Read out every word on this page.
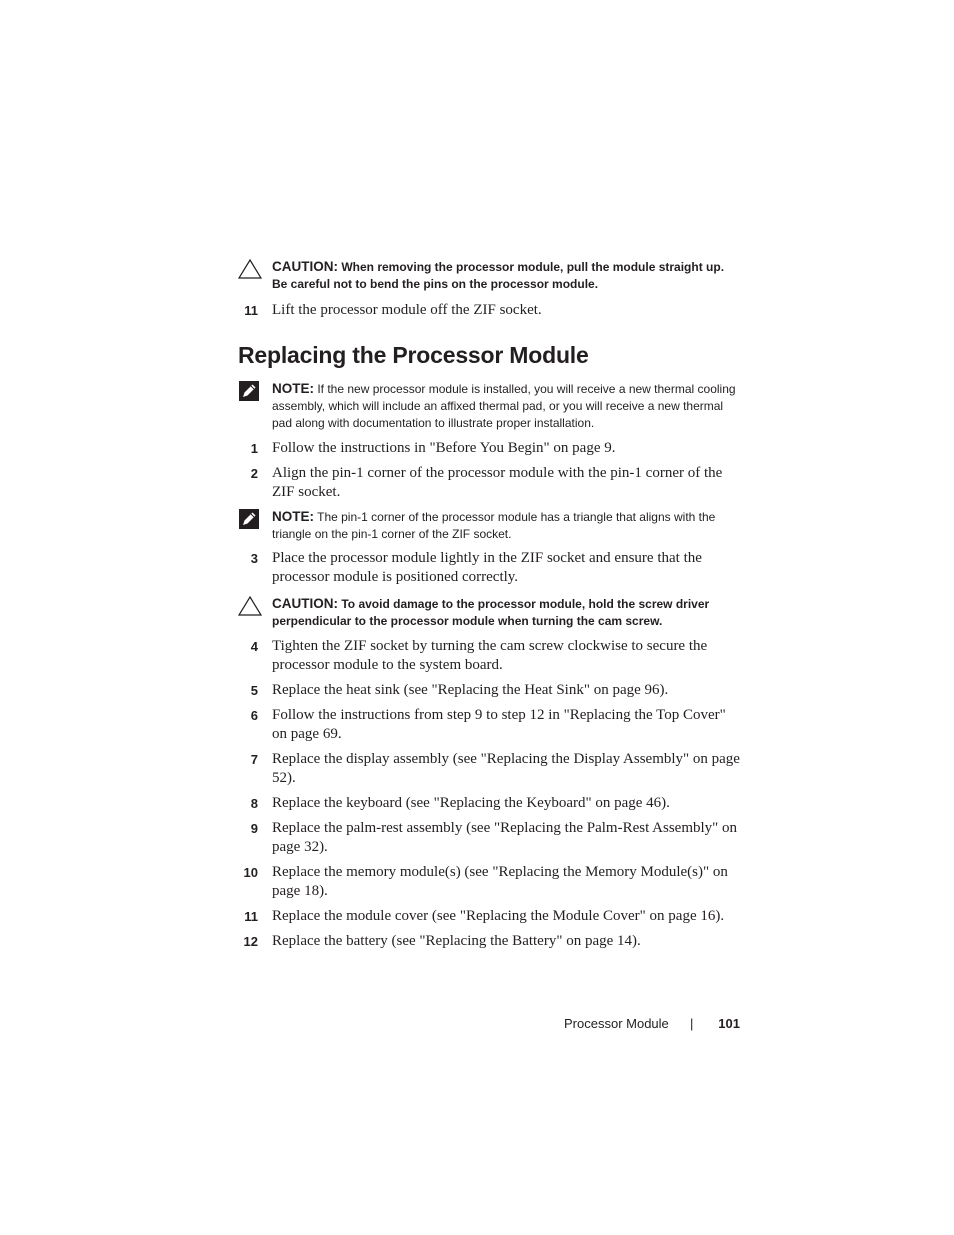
CAUTION: When removing the processor module, pull the module straight up. Be careful not to bend the pins on the processor module.
11 Lift the processor module off the ZIF socket.
Replacing the Processor Module
NOTE: If the new processor module is installed, you will receive a new thermal cooling assembly, which will include an affixed thermal pad, or you will receive a new thermal pad along with documentation to illustrate proper installation.
1 Follow the instructions in "Before You Begin" on page 9.
2 Align the pin-1 corner of the processor module with the pin-1 corner of the ZIF socket.
NOTE: The pin-1 corner of the processor module has a triangle that aligns with the triangle on the pin-1 corner of the ZIF socket.
3 Place the processor module lightly in the ZIF socket and ensure that the processor module is positioned correctly.
CAUTION: To avoid damage to the processor module, hold the screw driver perpendicular to the processor module when turning the cam screw.
4 Tighten the ZIF socket by turning the cam screw clockwise to secure the processor module to the system board.
5 Replace the heat sink (see "Replacing the Heat Sink" on page 96).
6 Follow the instructions from step 9 to step 12 in "Replacing the Top Cover" on page 69.
7 Replace the display assembly (see "Replacing the Display Assembly" on page 52).
8 Replace the keyboard (see "Replacing the Keyboard" on page 46).
9 Replace the palm-rest assembly (see "Replacing the Palm-Rest Assembly" on page 32).
10 Replace the memory module(s) (see "Replacing the Memory Module(s)" on page 18).
11 Replace the module cover (see "Replacing the Module Cover" on page 16).
12 Replace the battery (see "Replacing the Battery" on page 14).
Processor Module | 101
